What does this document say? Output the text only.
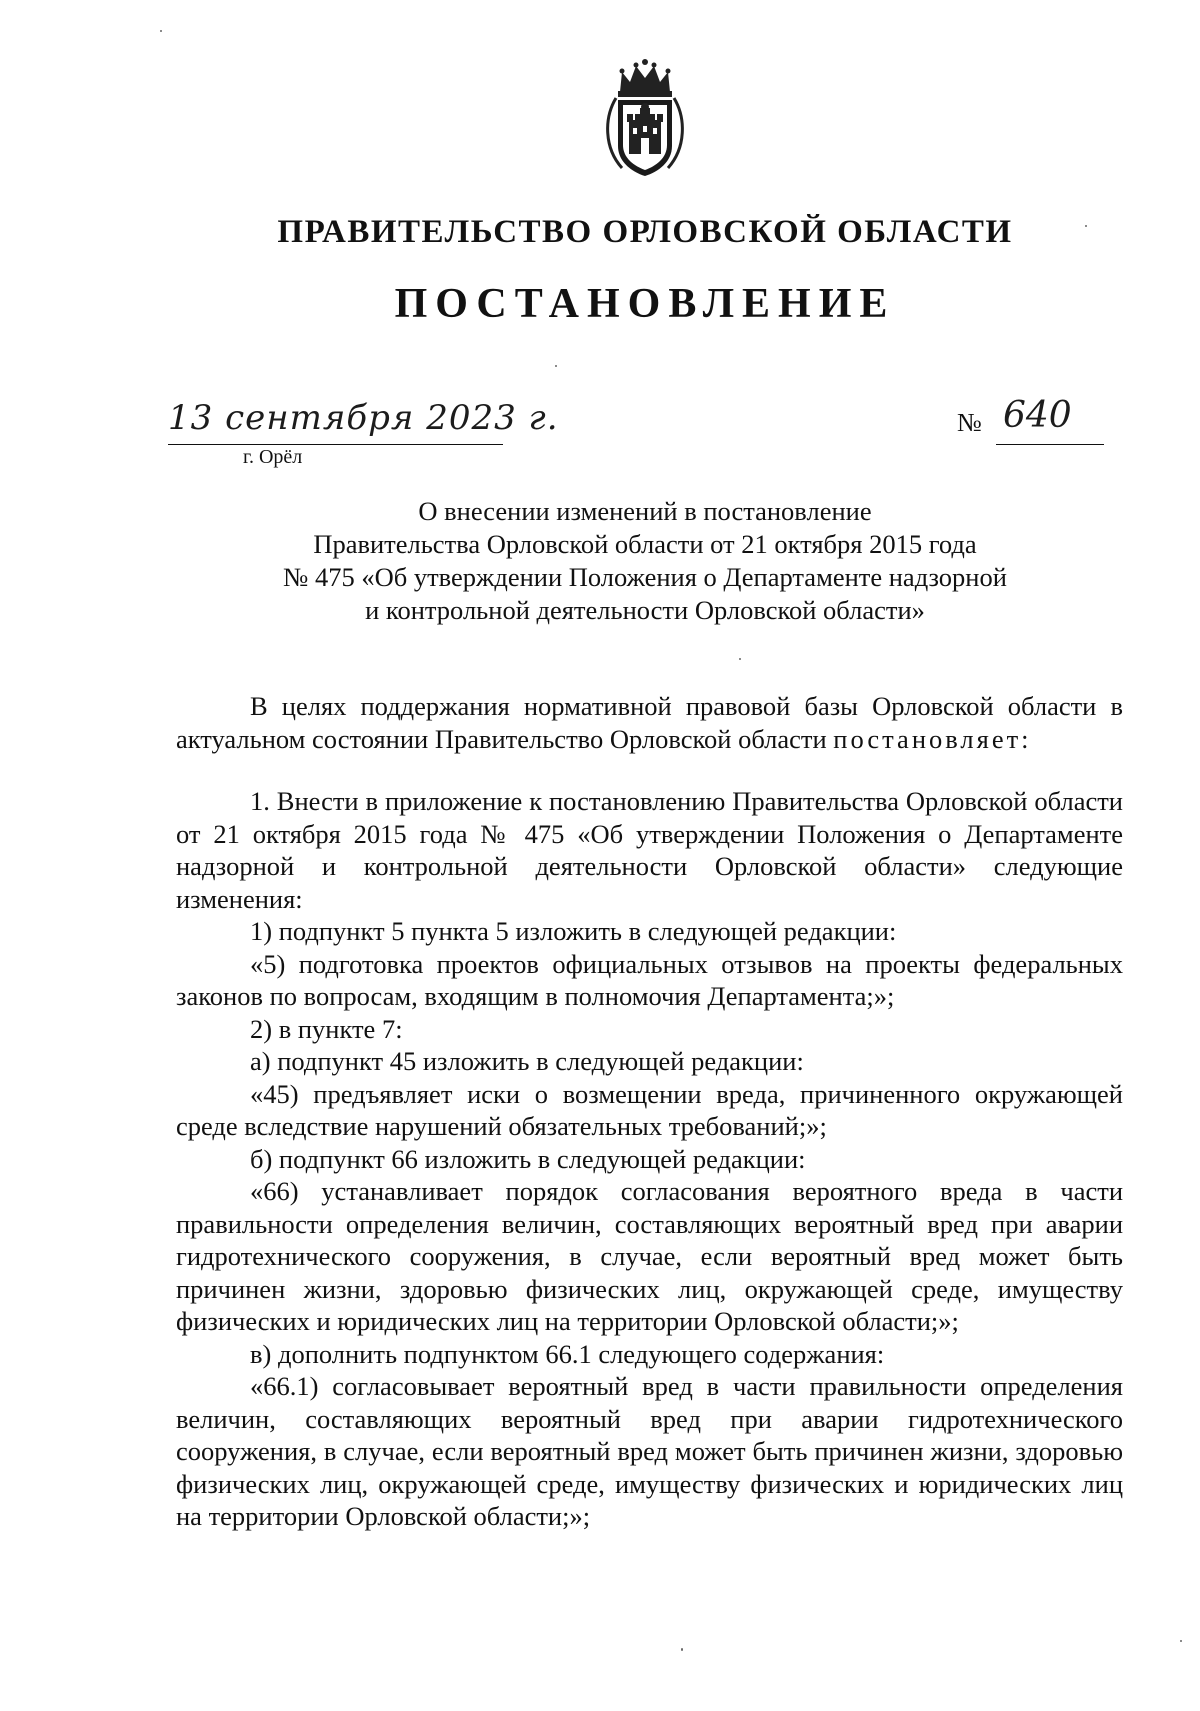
ПРАВИТЕЛЬСТВО ОРЛОВСКОЙ ОБЛАСТИ
ПОСТАНОВЛЕНИЕ
13 сентября 2023 г.
г. Орёл
№ 640
О внесении изменений в постановление
Правительства Орловской области от 21 октября 2015 года
№ 475 «Об утверждении Положения о Департаменте надзорной
и контрольной деятельности Орловской области»

В целях поддержания нормативной правовой базы Орловской области в актуальном состоянии Правительство Орловской области постановляет:

1. Внести в приложение к постановлению Правительства Орловской области от 21 октября 2015 года № 475 «Об утверждении Положения о Департаменте надзорной и контрольной деятельности Орловской области» следующие изменения:

1) подпункт 5 пункта 5 изложить в следующей редакции:

«5) подготовка проектов официальных отзывов на проекты федеральных законов по вопросам, входящим в полномочия Департамента;»;

2) в пункте 7:

а) подпункт 45 изложить в следующей редакции:

«45) предъявляет иски о возмещении вреда, причиненного окружающей среде вследствие нарушений обязательных требований;»;

б) подпункт 66 изложить в следующей редакции:

«66) устанавливает порядок согласования вероятного вреда в части правильности определения величин, составляющих вероятный вред при аварии гидротехнического сооружения, в случае, если вероятный вред может быть причинен жизни, здоровью физических лиц, окружающей среде, имуществу физических и юридических лиц на территории Орловской области;»;

в) дополнить подпунктом 66.1 следующего содержания:

«66.1) согласовывает вероятный вред в части правильности определения величин, составляющих вероятный вред при аварии гидротехнического сооружения, в случае, если вероятный вред может быть причинен жизни, здоровью физических лиц, окружающей среде, имуществу физических и юридических лиц на территории Орловской области;»;
